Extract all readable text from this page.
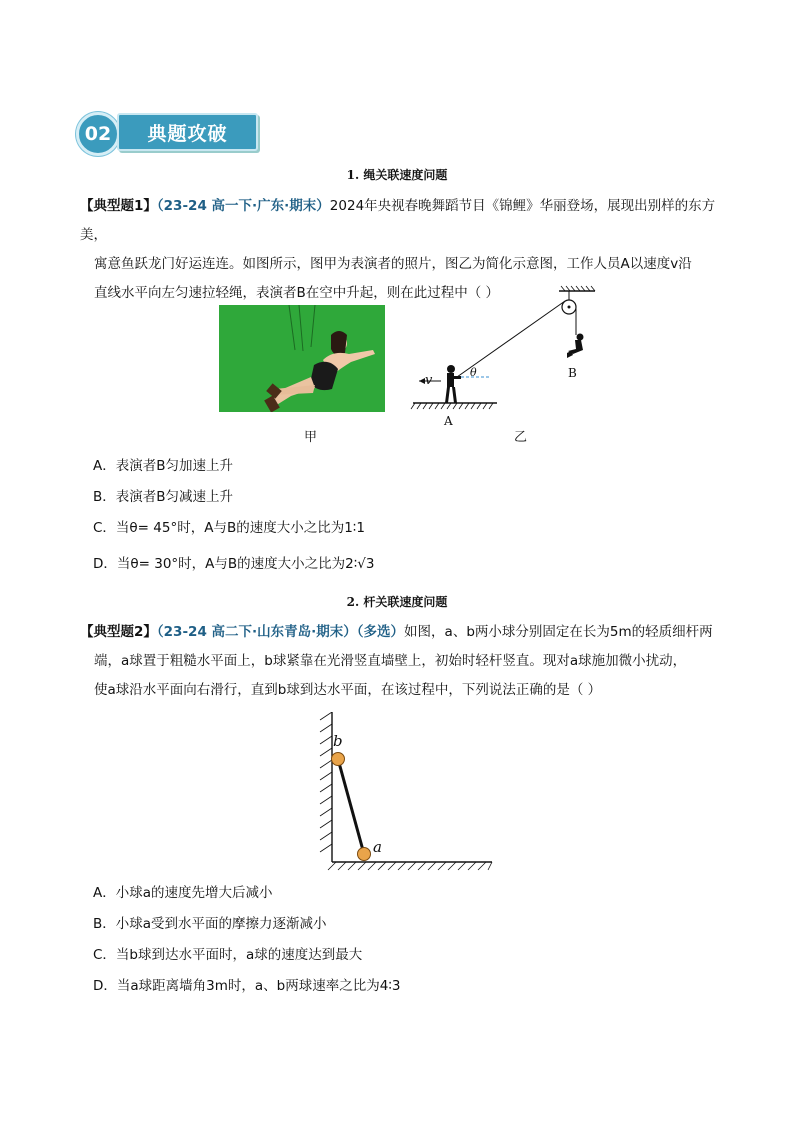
02	典题攻破
1. 绳关联速度问题
【典型题1】（23-24 高一下·广东·期末）2024年央视春晚舞蹈节目《锦鲤》华丽登场，展现出别样的东方美，
寓意鱼跃龙门好运连连。如图所示，图甲为表演者的照片，图乙为简化示意图，工作人员A以速度v沿
直线水平向左匀速拉轻绳，表演者B在空中升起，则在此过程中（ ）
甲
v
θ
A
B
乙
A．表演者B匀加速上升
B．表演者B匀减速上升
C．当θ= 45°时，A与B的速度大小之比为1∶1
D．当θ= 30°时，A与B的速度大小之比为2∶√3
2. 杆关联速度问题
【典型题2】（23-24 高二下·山东青岛·期末）（多选）如图，a、b两小球分别固定在长为5m的轻质细杆两
端，a球置于粗糙水平面上，b球紧靠在光滑竖直墙壁上，初始时轻杆竖直。现对a球施加微小扰动，
使a球沿水平面向右滑行，直到b球到达水平面，在该过程中，下列说法正确的是（ ）
b
a
A．小球a的速度先增大后减小
B．小球a受到水平面的摩擦力逐渐减小
C．当b球到达水平面时，a球的速度达到最大
D．当a球距离墙角3m时，a、b两球速率之比为4∶3
